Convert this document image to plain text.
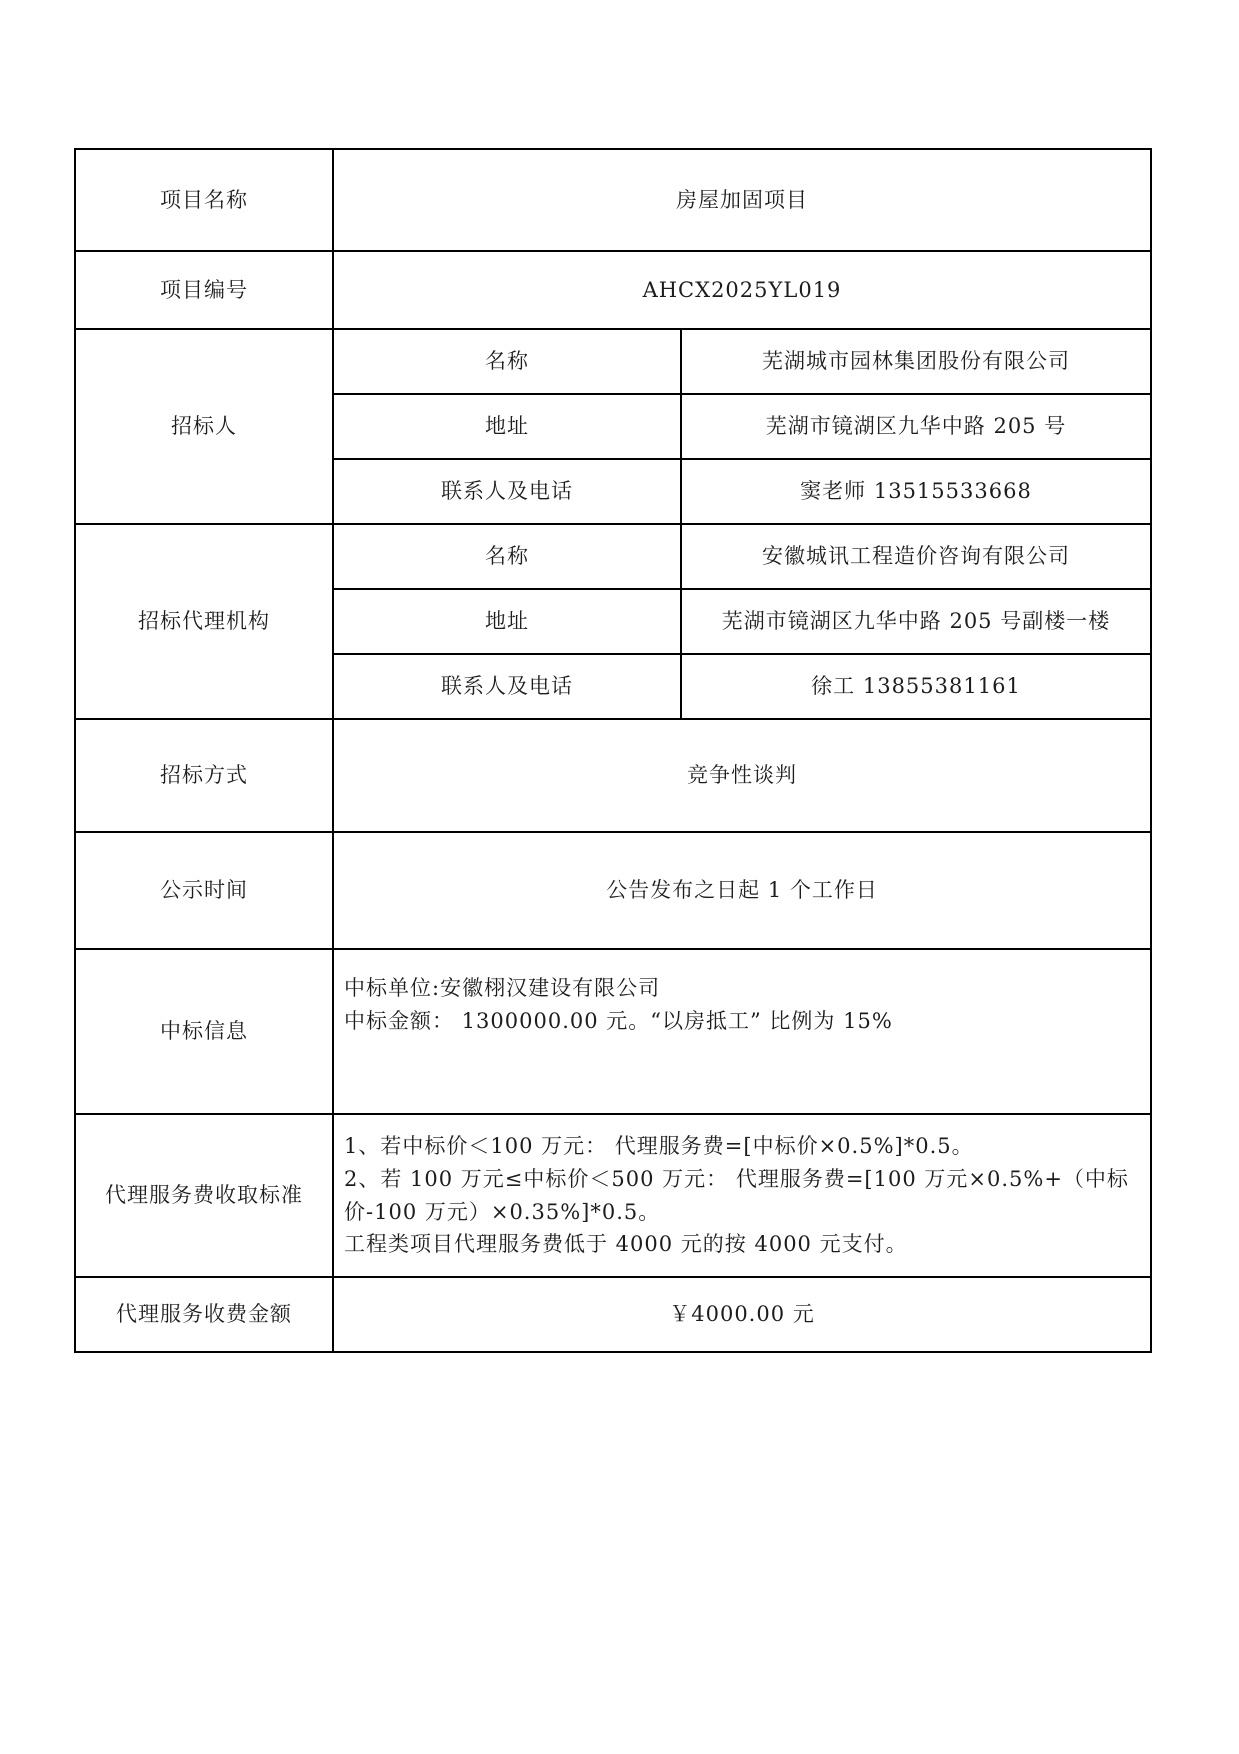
项目名称	房屋加固项目	
项目编号	AHCX2025YL019	
招标人	名称	芜湖城市园林集团股份有限公司
	地址	芜湖市镜湖区九华中路 205 号
	联系人及电话	窦老师 13515533668
招标代理机构	名称	安徽城讯工程造价咨询有限公司
	地址	芜湖市镜湖区九华中路 205 号副楼一楼
	联系人及电话	徐工 13855381161
招标方式	竞争性谈判	
公示时间	公告发布之日起 1 个工作日	
中标信息	中标单位:安徽栩汉建设有限公司
中标金额： 1300000.00 元。“以房抵工” 比例为 15%	

代理服务费收取标准	1、若中标价＜100 万元： 代理服务费=[中标价×0.5%]*0.5。
2、若 100 万元≤中标价＜500 万元： 代理服务费=[100 万元×0.5%+（中标价-100 万元）×0.35%]*0.5。
工程类项目代理服务费低于 4000 元的按 4000 元支付。	

代理服务收费金额	￥4000.00 元	
